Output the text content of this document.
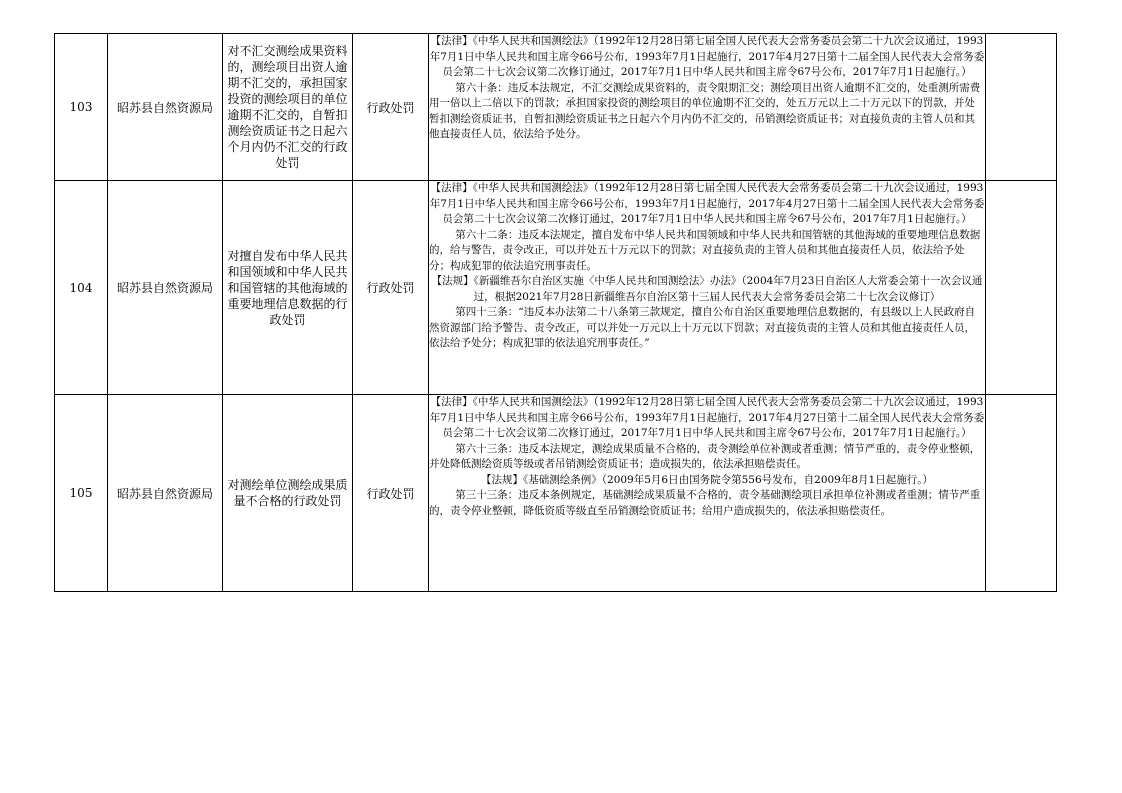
103	昭苏县自然资源局	对不汇交测绘成果资料的，测绘项目出资人逾期不汇交的，承担国家投资的测绘项目的单位逾期不汇交的，自暂扣测绘资质证书之日起六个月内仍不汇交的行政处罚	行政处罚	【法律】《中华人民共和国测绘法》（1992年12月28日第七届全国人民代表大会常务委员会第二十九次会议通过，1993年7月1日中华人民共和国主席令66号公布，1993年7月1日起施行，2017年4月27日第十二届全国人民代表大会常务委员会第二十七次会议第二次修订通过，2017年7月1日中华人民共和国主席令67号公布，2017年7月1日起施行。）

第六十条：违反本法规定，不汇交测绘成果资料的，责令限期汇交；测绘项目出资人逾期不汇交的，处重测所需费用一倍以上二倍以下的罚款；承担国家投资的测绘项目的单位逾期不汇交的，处五万元以上二十万元以下的罚款，并处暂扣测绘资质证书，自暂扣测绘资质证书之日起六个月内仍不汇交的，吊销测绘资质证书；对直接负责的主管人员和其他直接责任人员，依法给予处分。	

104	昭苏县自然资源局	对擅自发布中华人民共和国领域和中华人民共和国管辖的其他海域的重要地理信息数据的行政处罚	行政处罚	【法律】《中华人民共和国测绘法》（1992年12月28日第七届全国人民代表大会常务委员会第二十九次会议通过，1993年7月1日中华人民共和国主席令66号公布，1993年7月1日起施行，2017年4月27日第十二届全国人民代表大会常务委员会第二十七次会议第二次修订通过，2017年7月1日中华人民共和国主席令67号公布，2017年7月1日起施行。）

第六十二条：违反本法规定，擅自发布中华人民共和国领域和中华人民共和国管辖的其他海域的重要地理信息数据的，给与警告，责令改正，可以并处五十万元以下的罚款；对直接负责的主管人员和其他直接责任人员，依法给予处分；构成犯罪的依法追究刑事责任。

【法规】《新疆维吾尔自治区实施〈中华人民共和国测绘法〉办法》（2004年7月23日自治区人大常委会第十一次会议通过，根据2021年7月28日新疆维吾尔自治区第十三届人民代表大会常务委员会第二十七次会议修订）

第四十三条：“违反本办法第二十八条第三款规定，擅自公布自治区重要地理信息数据的，有县级以上人民政府自然资源部门给予警告、责令改正，可以并处一万元以上十万元以下罚款；对直接负责的主管人员和其他直接责任人员，依法给予处分；构成犯罪的依法追究刑事责任。”	

105	昭苏县自然资源局	对测绘单位测绘成果质量不合格的行政处罚	行政处罚	【法律】《中华人民共和国测绘法》（1992年12月28日第七届全国人民代表大会常务委员会第二十九次会议通过，1993年7月1日中华人民共和国主席令66号公布，1993年7月1日起施行，2017年4月27日第十二届全国人民代表大会常务委员会第二十七次会议第二次修订通过，2017年7月1日中华人民共和国主席令67号公布，2017年7月1日起施行。）

第六十三条：违反本法规定，测绘成果质量不合格的，责令测绘单位补测或者重测；情节严重的，责令停业整顿，并处降低测绘资质等级或者吊销测绘资质证书；造成损失的，依法承担赔偿责任。

【法规】《基础测绘条例》（2009年5月6日由国务院令第556号发布，自2009年8月1日起施行。）

第三十三条：违反本条例规定，基础测绘成果质量不合格的，责令基础测绘项目承担单位补测或者重测；情节严重的，责令停业整顿，降低资质等级直至吊销测绘资质证书；给用户造成损失的，依法承担赔偿责任。	
